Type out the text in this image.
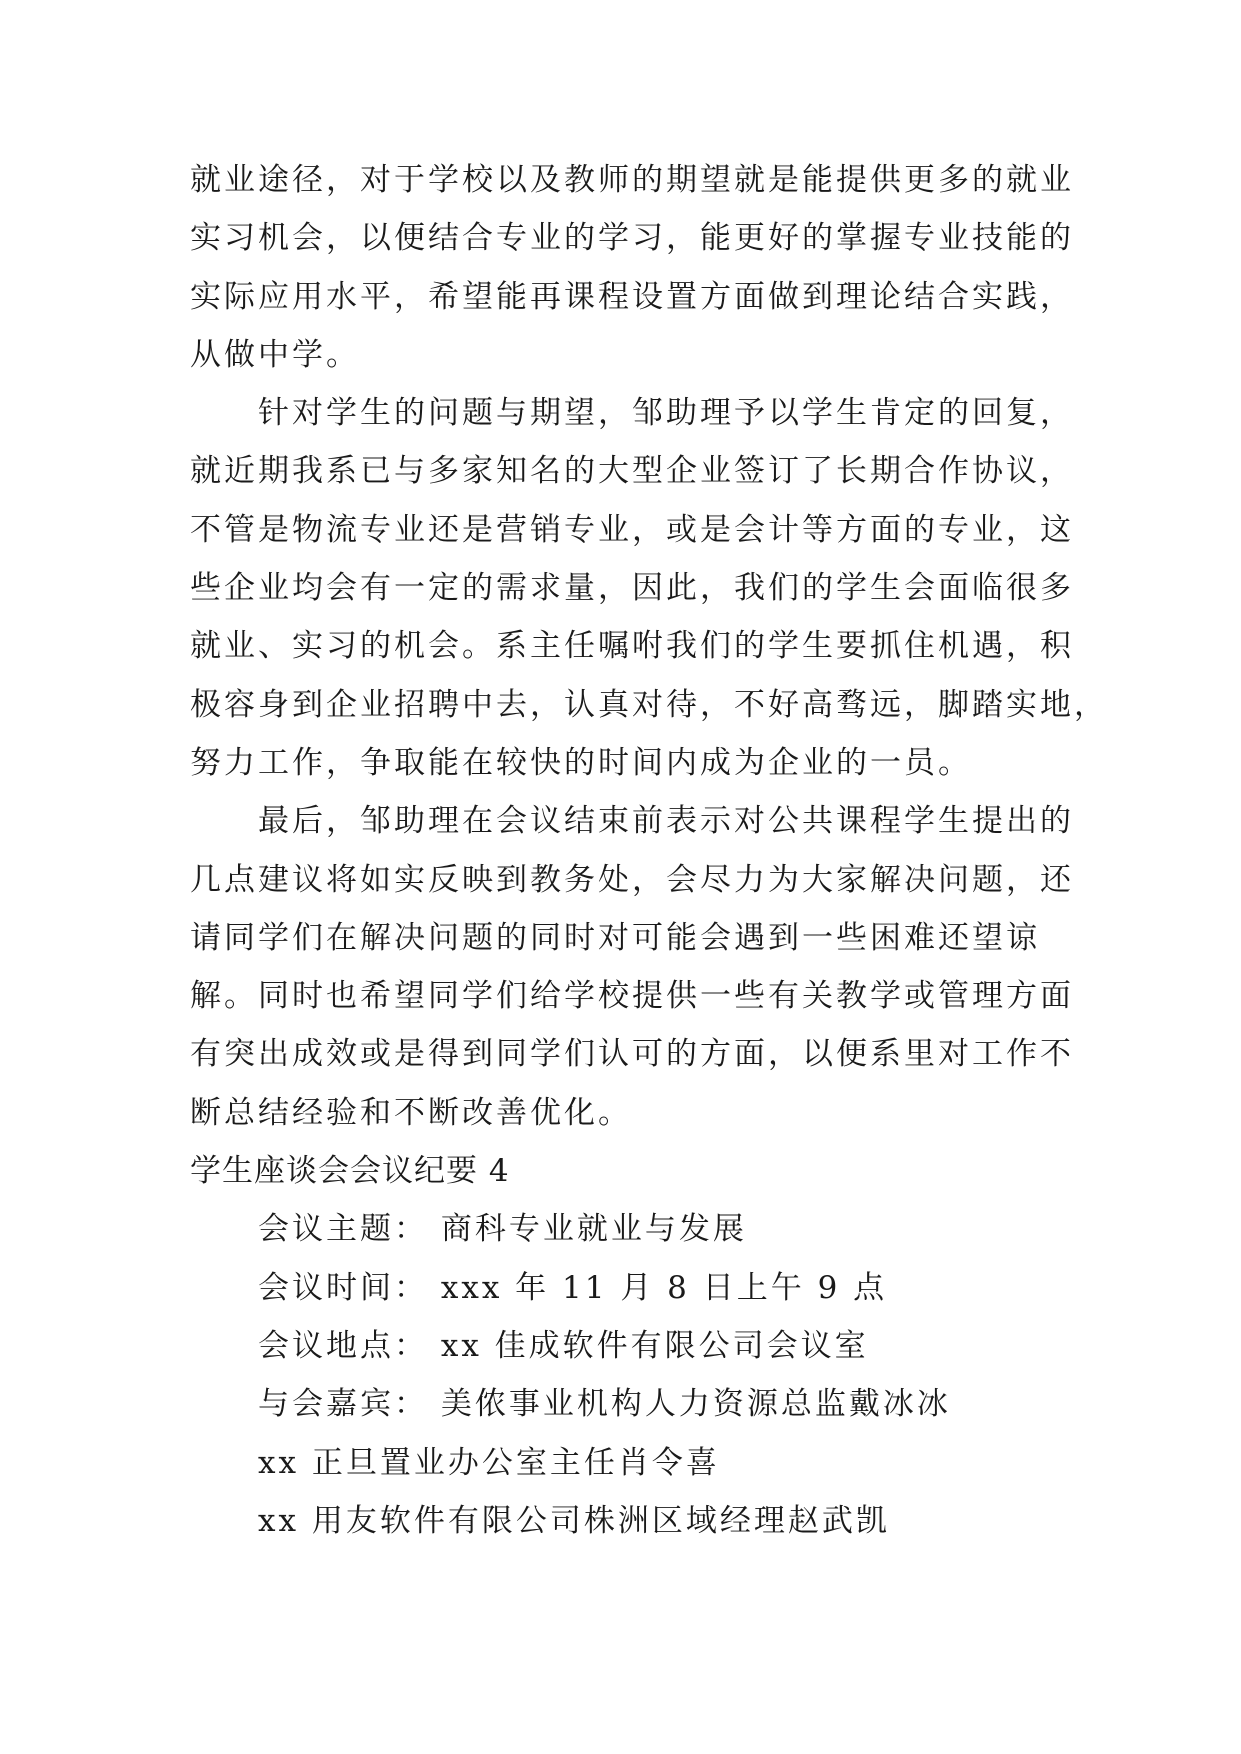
就业途径，对于学校以及教师的期望就是能提供更多的就业
实习机会，以便结合专业的学习，能更好的掌握专业技能的
实际应用水平，希望能再课程设置方面做到理论结合实践，
从做中学。
针对学生的问题与期望，邹助理予以学生肯定的回复，
就近期我系已与多家知名的大型企业签订了长期合作协议，
不管是物流专业还是营销专业，或是会计等方面的专业，这
些企业均会有一定的需求量，因此，我们的学生会面临很多
就业、实习的机会。系主任嘱咐我们的学生要抓住机遇，积
极容身到企业招聘中去，认真对待，不好高骛远，脚踏实地，
努力工作，争取能在较快的时间内成为企业的一员。
最后，邹助理在会议结束前表示对公共课程学生提出的
几点建议将如实反映到教务处，会尽力为大家解决问题，还
请同学们在解决问题的同时对可能会遇到一些困难还望谅
解。同时也希望同学们给学校提供一些有关教学或管理方面
有突出成效或是得到同学们认可的方面，以便系里对工作不
断总结经验和不断改善优化。
学生座谈会会议纪要 4
会议主题： 商科专业就业与发展
会议时间： xxx 年 11 月 8 日上午 9 点
会议地点： xx 佳成软件有限公司会议室
与会嘉宾： 美侬事业机构人力资源总监戴冰冰
xx 正旦置业办公室主任肖令喜
xx 用友软件有限公司株洲区域经理赵武凯
